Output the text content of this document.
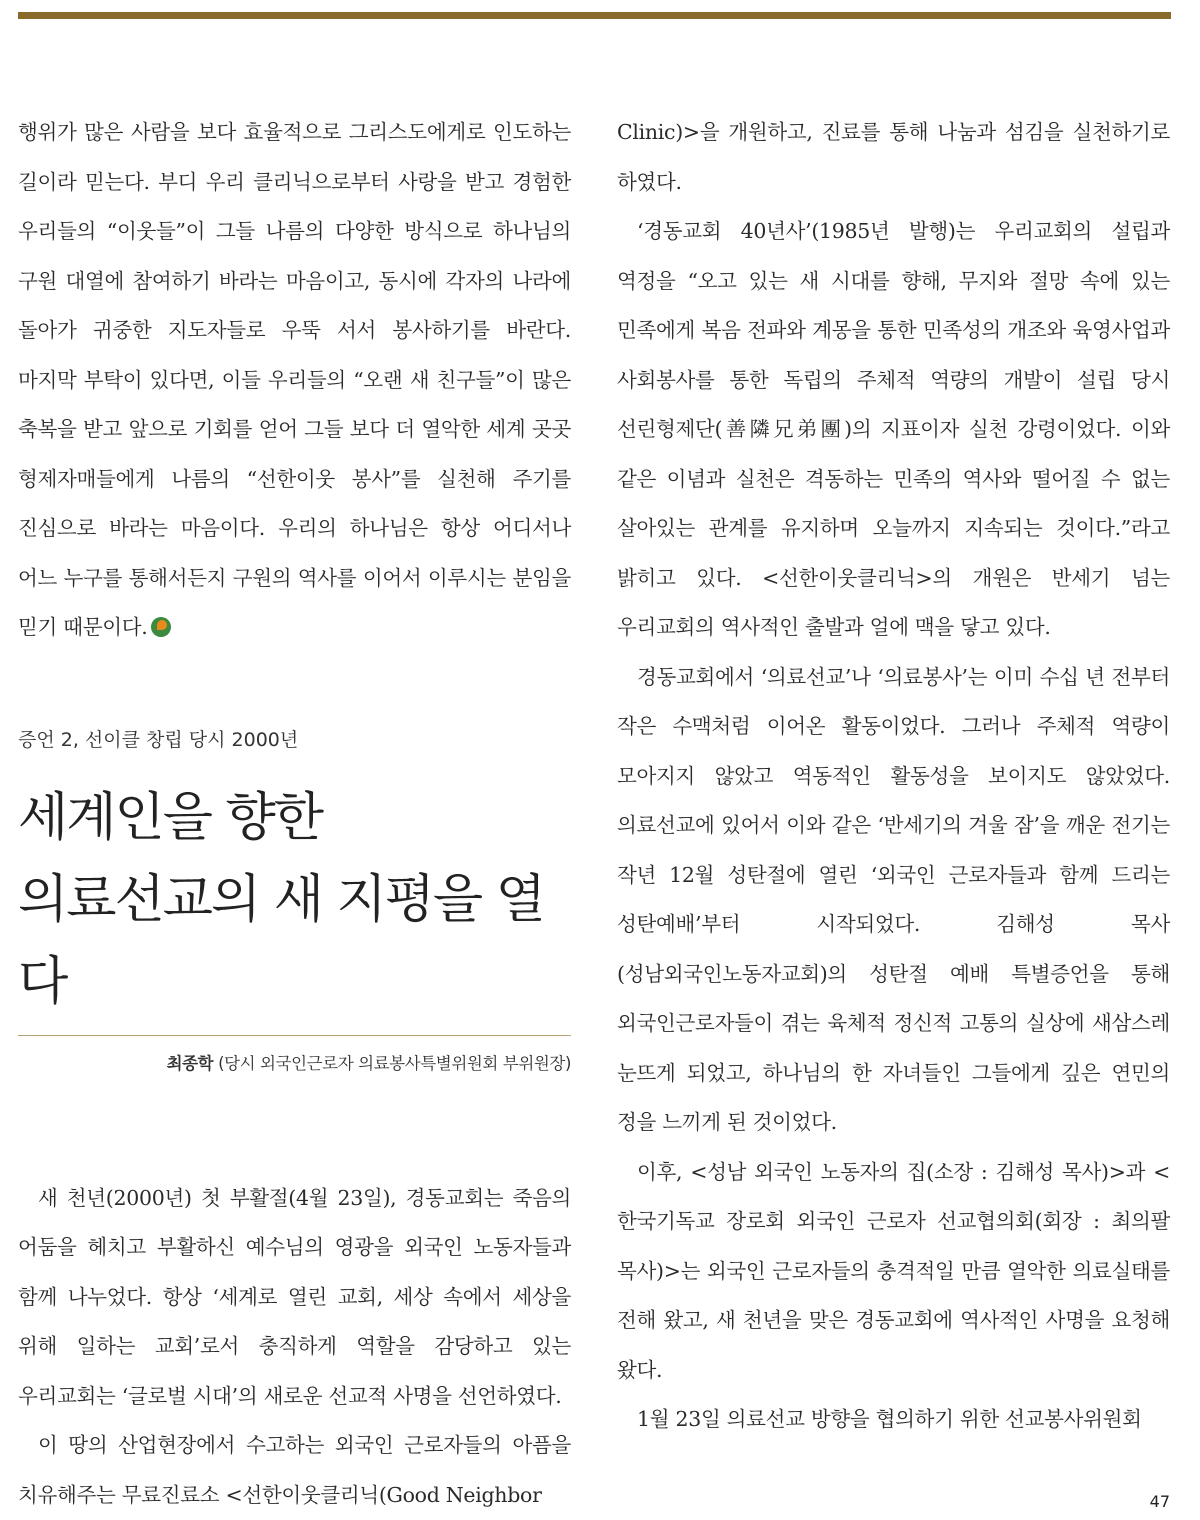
행위가 많은 사람을 보다 효율적으로 그리스도에게로 인도하는 길이라 믿는다. 부디 우리 클리닉으로부터 사랑을 받고 경험한 우리들의 “이웃들”이 그들 나름의 다양한 방식으로 하나님의 구원 대열에 참여하기 바라는 마음이고, 동시에 각자의 나라에 돌아가 귀중한 지도자들로 우뚝 서서 봉사하기를 바란다. 마지막 부탁이 있다면, 이들 우리들의 “오랜 새 친구들”이 많은 축복을 받고 앞으로 기회를 얻어 그들 보다 더 열악한 세계 곳곳 형제자매들에게 나름의 “선한이웃 봉사”를 실천해 주기를 진심으로 바라는 마음이다. 우리의 하나님은 항상 어디서나 어느 누구를 통해서든지 구원의 역사를 이어서 이루시는 분임을 믿기 때문이다.

증언 2, 선이클 창립 당시 2000년
세계인을 향한
의료선교의 새 지평을 열다
최종학 (당시 외국인근로자 의료봉사특별위원회 부위원장)

새 천년(2000년) 첫 부활절(4월 23일), 경동교회는 죽음의 어둠을 헤치고 부활하신 예수님의 영광을 외국인 노동자들과 함께 나누었다. 항상 ‘세계로 열린 교회, 세상 속에서 세상을 위해 일하는 교회’로서 충직하게 역할을 감당하고 있는 우리교회는 ‘글로벌 시대’의 새로운 선교적 사명을 선언하였다.

이 땅의 산업현장에서 수고하는 외국인 근로자들의 아픔을 치유해주는 무료진료소 <선한이웃클리닉(Good Neighbor

Clinic)>을 개원하고, 진료를 통해 나눔과 섬김을 실천하기로 하였다.

‘경동교회 40년사’(1985년 발행)는 우리교회의 설립과 역정을 “오고 있는 새 시대를 향해, 무지와 절망 속에 있는 민족에게 복음 전파와 계몽을 통한 민족성의 개조와 육영사업과 사회봉사를 통한 독립의 주체적 역량의 개발이 설립 당시 선린형제단(善隣兄弟團)의 지표이자 실천 강령이었다. 이와 같은 이념과 실천은 격동하는 민족의 역사와 떨어질 수 없는 살아있는 관계를 유지하며 오늘까지 지속되는 것이다.”라고 밝히고 있다. <선한이웃클리닉>의 개원은 반세기 넘는 우리교회의 역사적인 출발과 얼에 맥을 닿고 있다.

경동교회에서 ‘의료선교’나 ‘의료봉사’는 이미 수십 년 전부터 작은 수맥처럼 이어온 활동이었다. 그러나 주체적 역량이 모아지지 않았고 역동적인 활동성을 보이지도 않았었다. 의료선교에 있어서 이와 같은 ‘반세기의 겨울 잠’을 깨운 전기는 작년 12월 성탄절에 열린 ‘외국인 근로자들과 함께 드리는 성탄예배’부터 시작되었다. 김해성 목사(성남외국인노동자교회)의 성탄절 예배 특별증언을 통해 외국인근로자들이 겪는 육체적 정신적 고통의 실상에 새삼스레 눈뜨게 되었고, 하나님의 한 자녀들인 그들에게 깊은 연민의 정을 느끼게 된 것이었다.

이후, <성남 외국인 노동자의 집(소장 : 김해성 목사)>과 <한국기독교 장로회 외국인 근로자 선교협의회(회장 : 최의팔 목사)>는 외국인 근로자들의 충격적일 만큼 열악한 의료실태를 전해 왔고, 새 천년을 맞은 경동교회에 역사적인 사명을 요청해 왔다.

1월 23일 의료선교 방향을 협의하기 위한 선교봉사위원회

47
